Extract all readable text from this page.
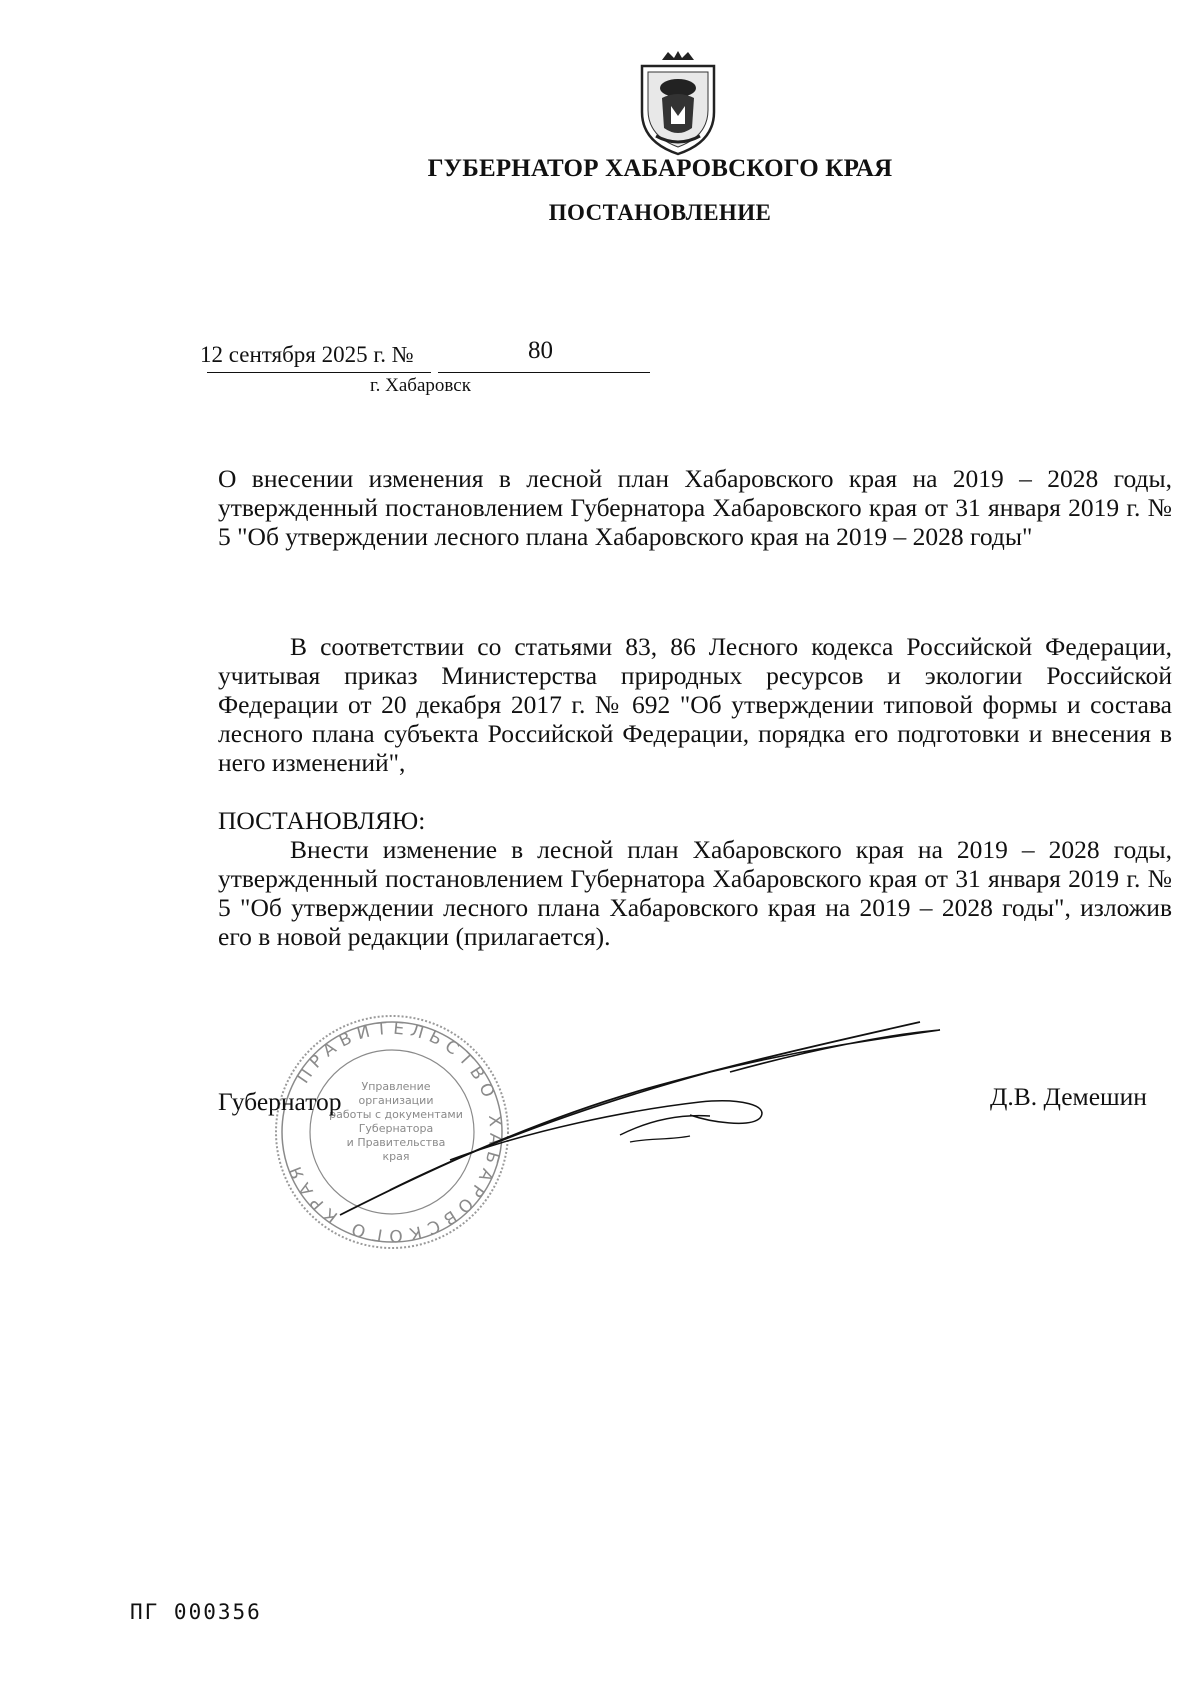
ГУБЕРНАТОР ХАБАРОВСКОГО КРАЯ
ПОСТАНОВЛЕНИЕ
12 сентября 2025 г. №	80
г. Хабаровск
О внесении изменения в лесной план Хабаровского края на 2019 – 2028 годы, утвержденный постановлением Губернатора Хабаровского края от 31 января 2019 г. № 5 "Об утверждении лесного плана Хабаровского края на 2019 – 2028 годы"
В соответствии со статьями 83, 86 Лесного кодекса Российской Федерации, учитывая приказ Министерства природных ресурсов и экологии Российской Федерации от 20 декабря 2017 г. № 692 "Об утверждении типовой формы и состава лесного плана субъекта Российской Федерации, порядка его подготовки и внесения в него изменений",
ПОСТАНОВЛЯЮ:
Внести изменение в лесной план Хабаровского края на 2019 – 2028 годы, утвержденный постановлением Губернатора Хабаровского края от 31 января 2019 г. № 5 "Об утверждении лесного плана Хабаровского края на 2019 – 2028 годы", изложив его в новой редакции (прилагается).
ПРАВИТЕЛЬСТВО ХАБАРОВСКОГО КРАЯ
Управление
организации
работы с документами
Губернатора
и Правительства
края
Губернатор	Д.В. Демешин
ПГ 000356
